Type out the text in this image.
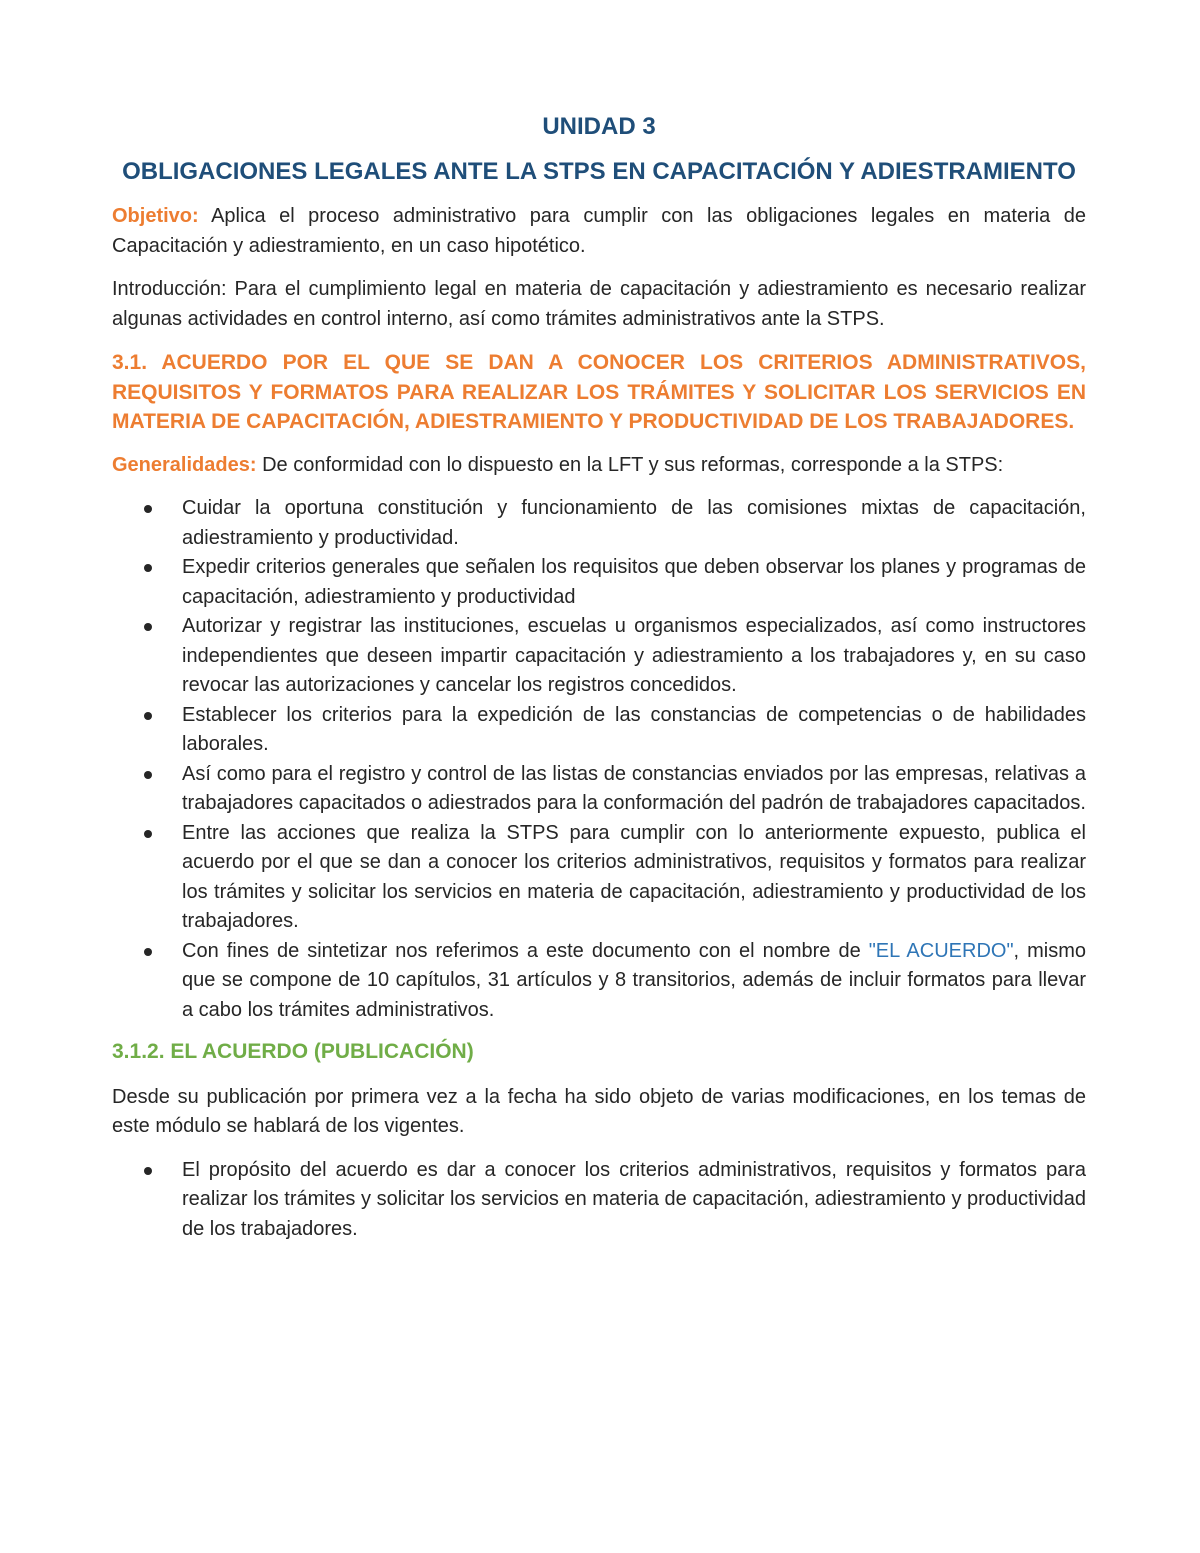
UNIDAD 3
OBLIGACIONES LEGALES ANTE LA STPS EN CAPACITACIÓN Y ADIESTRAMIENTO

Objetivo: Aplica el proceso administrativo para cumplir con las obligaciones legales en materia de Capacitación y adiestramiento, en un caso hipotético.

Introducción: Para el cumplimiento legal en materia de capacitación y adiestramiento es necesario realizar algunas actividades en control interno, así como trámites administrativos ante la STPS.

3.1. ACUERDO POR EL QUE SE DAN A CONOCER LOS CRITERIOS ADMINISTRATIVOS, REQUISITOS Y FORMATOS PARA REALIZAR LOS TRÁMITES Y SOLICITAR LOS SERVICIOS EN MATERIA DE CAPACITACIÓN, ADIESTRAMIENTO Y PRODUCTIVIDAD DE LOS TRABAJADORES.

Generalidades: De conformidad con lo dispuesto en la LFT y sus reformas, corresponde a la STPS:

Cuidar la oportuna constitución y funcionamiento de las comisiones mixtas de capacitación, adiestramiento y productividad.
Expedir criterios generales que señalen los requisitos que deben observar los planes y programas de capacitación, adiestramiento y productividad
Autorizar y registrar las instituciones, escuelas u organismos especializados, así como instructores independientes que deseen impartir capacitación y adiestramiento a los trabajadores y, en su caso revocar las autorizaciones y cancelar los registros concedidos.
Establecer los criterios para la expedición de las constancias de competencias o de habilidades laborales.
Así como para el registro y control de las listas de constancias enviados por las empresas, relativas a trabajadores capacitados o adiestrados para la conformación del padrón de trabajadores capacitados.
Entre las acciones que realiza la STPS para cumplir con lo anteriormente expuesto, publica el acuerdo por el que se dan a conocer los criterios administrativos, requisitos y formatos para realizar los trámites y solicitar los servicios en materia de capacitación, adiestramiento y productividad de los trabajadores.
Con fines de sintetizar nos referimos a este documento con el nombre de "EL ACUERDO", mismo que se compone de 10 capítulos, 31 artículos y 8 transitorios, además de incluir formatos para llevar a cabo los trámites administrativos.

3.1.2. EL ACUERDO (PUBLICACIÓN)

Desde su publicación por primera vez a la fecha ha sido objeto de varias modificaciones, en los temas de este módulo se hablará de los vigentes.

El propósito del acuerdo es dar a conocer los criterios administrativos, requisitos y formatos para realizar los trámites y solicitar los servicios en materia de capacitación, adiestramiento y productividad de los trabajadores.
